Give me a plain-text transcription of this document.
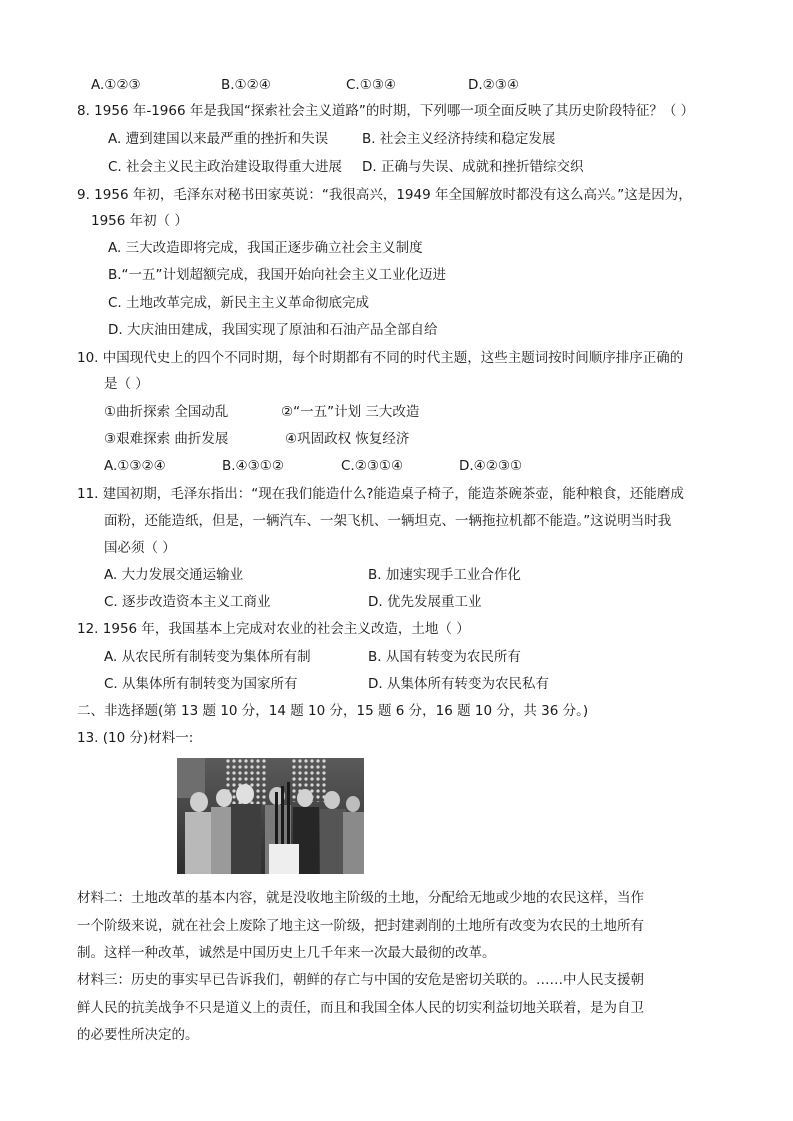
A.①②③	B.①②④	C.①③④	D.②③④
8. 1956 年-1966 年是我国“探索社会主义道路”的时期，下列哪一项全面反映了其历史阶段特征？（ ）
A. 遭到建国以来最严重的挫折和失误	B. 社会主义经济持续和稳定发展
C. 社会主义民主政治建设取得重大进展 D. 正确与失误、成就和挫折错综交织
9. 1956 年初，毛泽东对秘书田家英说：“我很高兴，1949 年全国解放时都没有这么高兴。”这是因为，
1956 年初（ ）
A. 三大改造即将完成，我国正逐步确立社会主义制度
B.“一五”计划超额完成，我国开始向社会主义工业化迈进
C. 土地改革完成，新民主主义革命彻底完成
D. 大庆油田建成，我国实现了原油和石油产品全部自给
10. 中国现代史上的四个不同时期，每个时期都有不同的时代主题，这些主题词按时间顺序排序正确的
是（ ）
①曲折探索 全国动乱	②“一五”计划 三大改造
③艰难探索 曲折发展	④巩固政权 恢复经济
A.①③②④	B.④③①②	C.②③①④	D.④②③①
11. 建国初期，毛泽东指出：“现在我们能造什么?能造桌子椅子，能造茶碗茶壶，能种粮食，还能磨成
面粉，还能造纸，但是，一辆汽车、一架飞机、一辆坦克、一辆拖拉机都不能造。”这说明当时我
国必须（ ）
A. 大力发展交通运输业	B. 加速实现手工业合作化
C. 逐步改造资本主义工商业	D. 优先发展重工业
12. 1956 年，我国基本上完成对农业的社会主义改造，土地（ ）
A. 从农民所有制转变为集体所有制	B. 从国有转变为农民所有
C. 从集体所有制转变为国家所有	D. 从集体所有转变为农民私有
二、非选择题(第 13 题 10 分，14 题 10 分，15 题 6 分，16 题 10 分，共 36 分。)
13. (10 分)材料一:
材料二：土地改革的基本内容，就是没收地主阶级的土地，分配给无地或少地的农民这样，当作
一个阶级来说，就在社会上废除了地主这一阶级，把封建剥削的土地所有改变为农民的土地所有
制。这样一种改革，诚然是中国历史上几千年来一次最大最彻的改革。
材料三：历史的事实早已告诉我们，朝鲜的存亡与中国的安危是密切关联的。……中人民支援朝
鲜人民的抗美战争不只是道义上的责任，而且和我国全体人民的切实利益切地关联着，是为自卫
的必要性所决定的。
